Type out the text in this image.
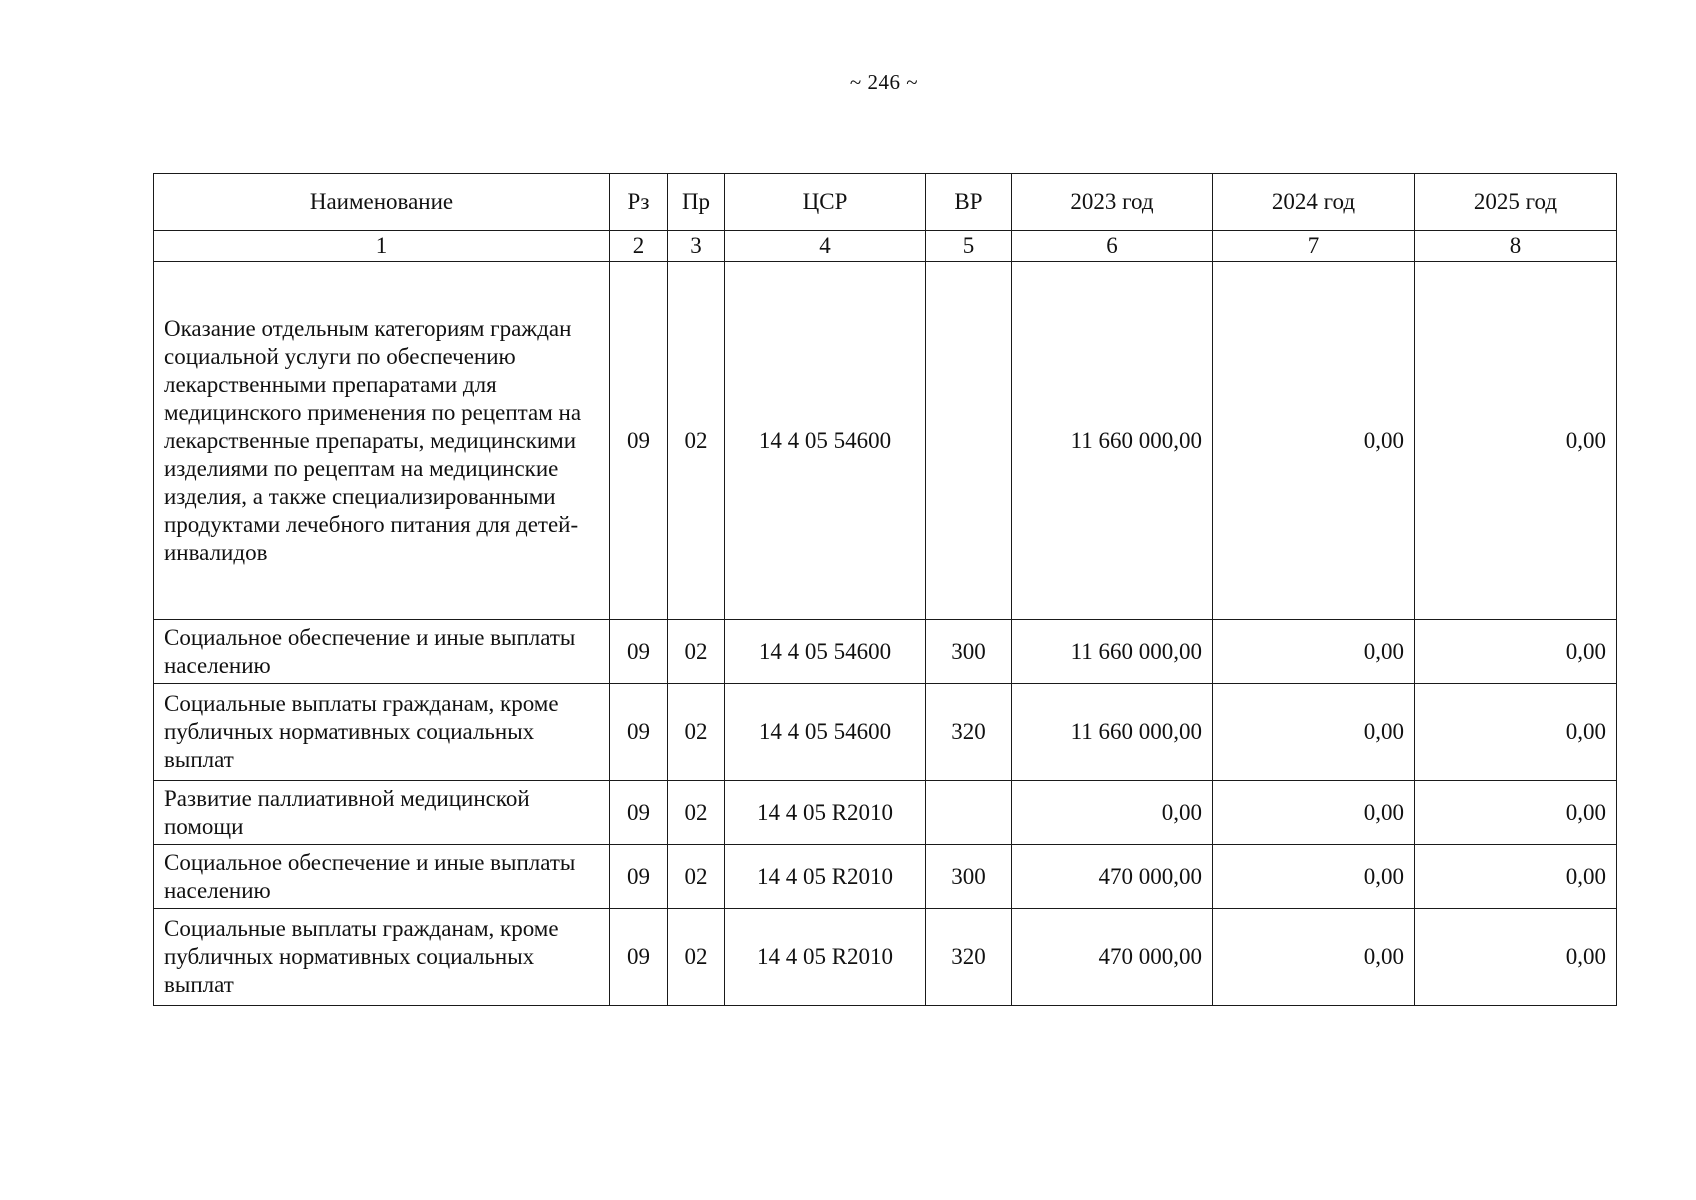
~ 246 ~
Наименование	Рз	Пр	ЦСР	ВР	2023 год	2024 год	2025 год
1	2	3	4	5	6	7	8
Оказание отдельным категориям граждан социальной услуги по обеспечению лекарственными препаратами для медицинского применения по рецептам на лекарственные препараты, медицинскими изделиями по рецептам на медицинские изделия, а также специализированными продуктами лечебного питания для детей-инвалидов	09	02	14 4 05 54600		11 660 000,00	0,00	0,00
Социальное обеспечение и иные выплаты населению	09	02	14 4 05 54600	300	11 660 000,00	0,00	0,00
Социальные выплаты гражданам, кроме публичных нормативных социальных выплат	09	02	14 4 05 54600	320	11 660 000,00	0,00	0,00
Развитие паллиативной медицинской помощи	09	02	14 4 05 R2010		0,00	0,00	0,00
Социальное обеспечение и иные выплаты населению	09	02	14 4 05 R2010	300	470 000,00	0,00	0,00
Социальные выплаты гражданам, кроме публичных нормативных социальных выплат	09	02	14 4 05 R2010	320	470 000,00	0,00	0,00
